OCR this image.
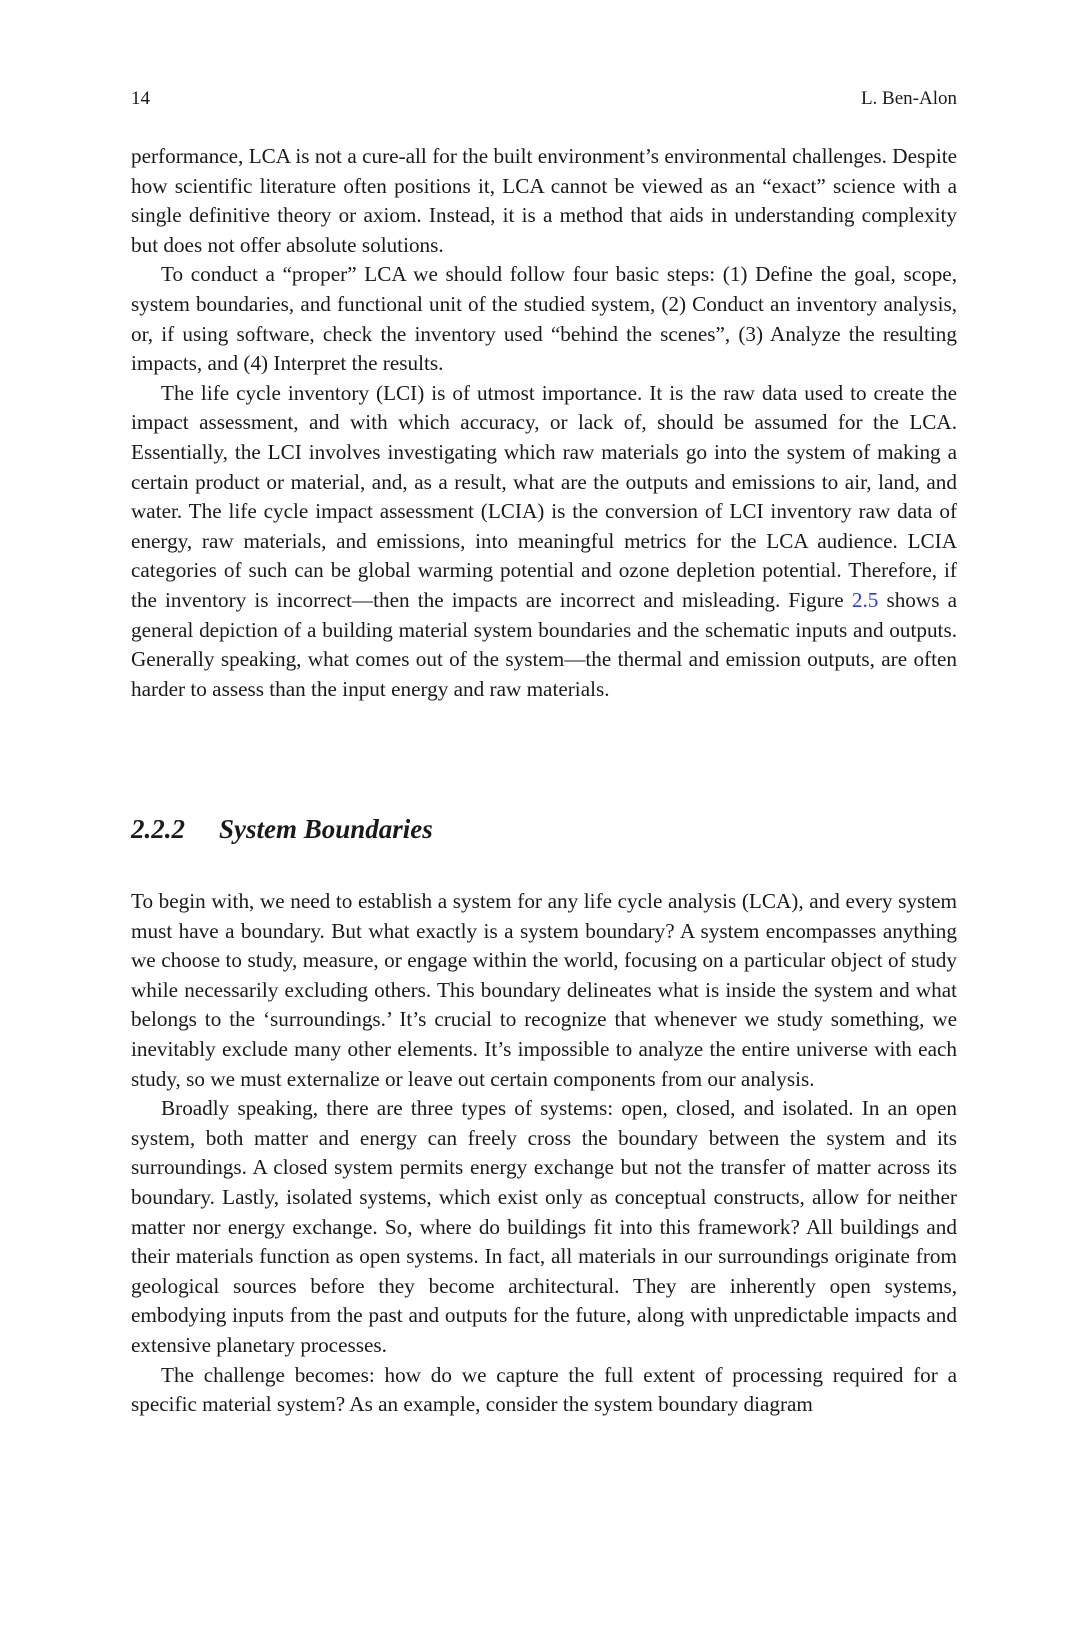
14	L. Ben-Alon

performance, LCA is not a cure-all for the built environment’s environmental challenges. Despite how scientific literature often positions it, LCA cannot be viewed as an “exact” science with a single definitive theory or axiom. Instead, it is a method that aids in understanding complexity but does not offer absolute solutions.

To conduct a “proper” LCA we should follow four basic steps: (1) Define the goal, scope, system boundaries, and functional unit of the studied system, (2) Conduct an inventory analysis, or, if using software, check the inventory used “behind the scenes”, (3) Analyze the resulting impacts, and (4) Interpret the results.

The life cycle inventory (LCI) is of utmost importance. It is the raw data used to create the impact assessment, and with which accuracy, or lack of, should be assumed for the LCA. Essentially, the LCI involves investigating which raw materials go into the system of making a certain product or material, and, as a result, what are the outputs and emissions to air, land, and water. The life cycle impact assessment (LCIA) is the conversion of LCI inventory raw data of energy, raw materials, and emissions, into meaningful metrics for the LCA audience. LCIA categories of such can be global warming potential and ozone depletion potential. Therefore, if the inventory is incorrect—then the impacts are incorrect and misleading. Figure 2.5 shows a general depiction of a building material system boundaries and the schematic inputs and outputs. Generally speaking, what comes out of the system—the thermal and emission outputs, are often harder to assess than the input energy and raw materials.

2.2.2 System Boundaries

To begin with, we need to establish a system for any life cycle analysis (LCA), and every system must have a boundary. But what exactly is a system boundary? A system encompasses anything we choose to study, measure, or engage within the world, focusing on a particular object of study while necessarily excluding others. This boundary delineates what is inside the system and what belongs to the ‘surroundings.’ It’s crucial to recognize that whenever we study something, we inevitably exclude many other elements. It’s impossible to analyze the entire universe with each study, so we must externalize or leave out certain components from our analysis.

Broadly speaking, there are three types of systems: open, closed, and isolated. In an open system, both matter and energy can freely cross the boundary between the system and its surroundings. A closed system permits energy exchange but not the transfer of matter across its boundary. Lastly, isolated systems, which exist only as conceptual constructs, allow for neither matter nor energy exchange. So, where do buildings fit into this framework? All buildings and their materials function as open systems. In fact, all materials in our surroundings originate from geological sources before they become architectural. They are inherently open systems, embodying inputs from the past and outputs for the future, along with unpredictable impacts and extensive planetary processes.

The challenge becomes: how do we capture the full extent of processing required for a specific material system? As an example, consider the system boundary diagram
